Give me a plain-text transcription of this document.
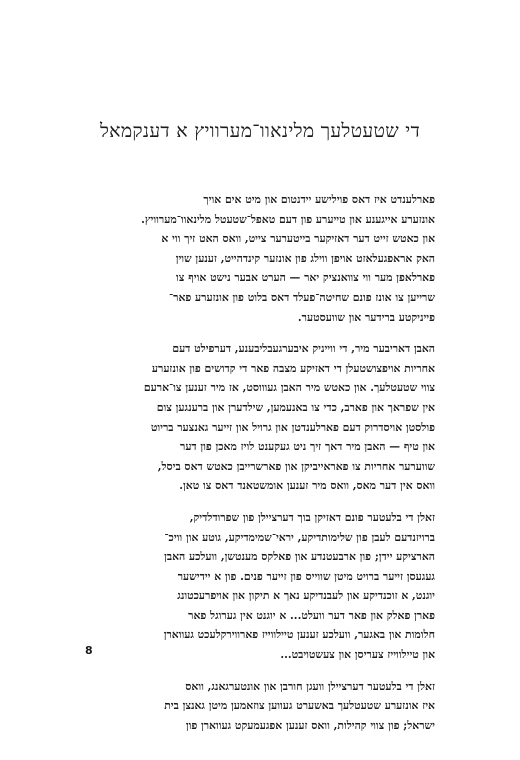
די שטעטלעך מלינאוו־מערוויץ א דענקמאל

פארלענדט איז דאס פוילישע יידנטום און מיט אים אויך
אונזערע אייגענע און טייערע פון דעם טאפל־שטעטל מלינאוו־מערוויץ.
און כאטש זייט דער דאזיקער בייטערער צייט, וואס האט זיך ווי א
האק אראפגעלאזט אויפן ווילג פון אונזער קינדהייט, זענען שוין
פארלאפן מער ווי צוואנציק יאר — הערט אבער נישט אויף צו
שרייען צו אונז פונם שחיטה־פעלד דאס בלוט פון אונזערע פאר־
פייניקטע ברידער און שוועסטער.

האבן דאריבער מיר, די ווייניק איבערגעבליבענע, דערפילט דעם
אחריות אויפצושטעלן די דאזיקע מצבה פאר די קדושים פון אונזערע
צווי שטעטלעך. און כאטש מיר האבן געוווסט, אז מיר זענען צו־ארעם
אין שפראך און פארב, כדי צו באנעמען, שילדערן און ברענגען צום
פולסטן אויסדרוק דעם פארלענדטן און גרויל און זייער גאנצער בריוט
און טיף — האבן מיר דאך זיך ניט געקענט לויז מאכן פון דער
שווערער אחריות צו פאראייביקן און פארשרייבן כאטש דאס ביסל,
וואס אין דער מאס, וואס מיר זענען אומשטאנד דאס צו טאן.

זאלן די בלעטער פונם דאזיקן בוך דערציילן פון שפרודלדיק,
ברויזנדעם לעבן פון שלימותדיקע, יראי־שמימדיקע, גוטע און וויכ־
הארציקע יידן; פון ארבעטנדע און פאלקס מענטשן, וועלכע האבן
געגעסן זייער ברויט מיטן שווייס פון זייער פנים. פון א יידישער
יוגנט, א זוכנדיקע און לעבנדיקע נאך א תיקון און אויפרעכטונג
פארן פאלק און פאר דער וועלט... א יוגנט אין גערוגל פאר
חלומות און באגער, וועלכע זענען טיילווייז פארווירקלעכט געווארן
און טיילווייז צעריסן און צעשטויבט...

זאלן די בלעטער דערציילן וועגן חורבן און אונטערגאנג, וואס
איז אונזערע שטעטלעך באשערט געווען צוזאמען מיטן גאנצן בית
ישראל; פון צווי קהילות, וואס זענען אפגעמעקט געווארן פון

8
